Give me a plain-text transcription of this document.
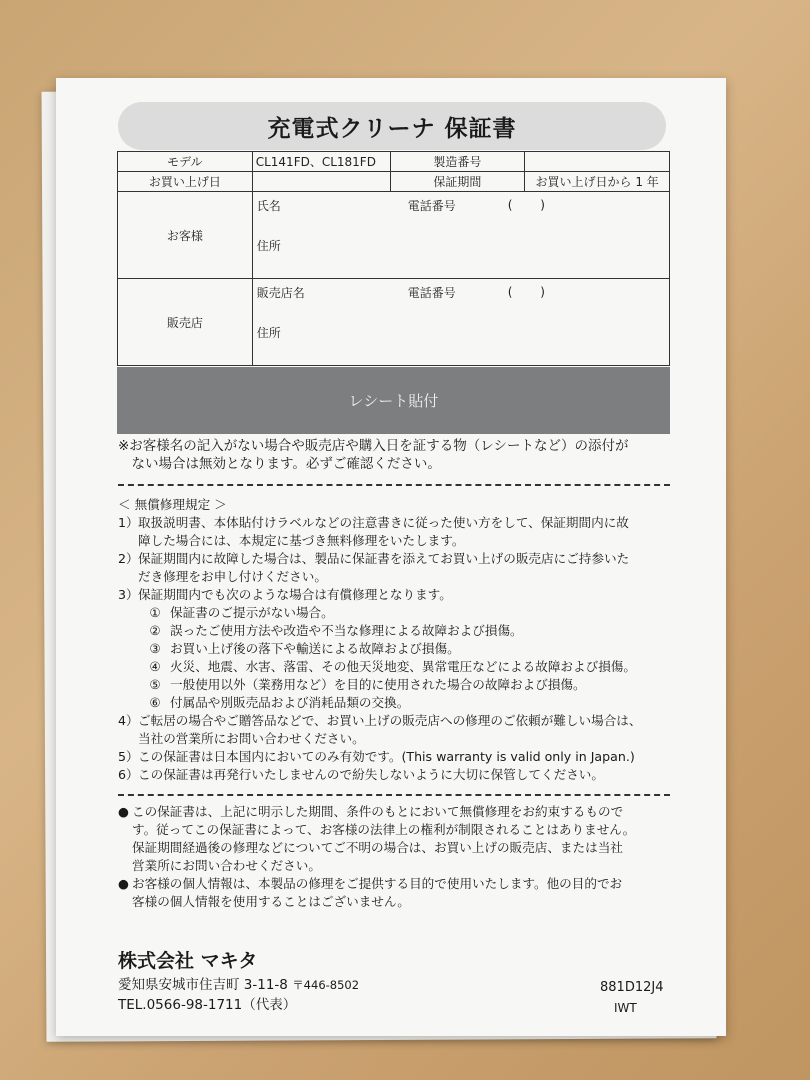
充電式クリーナ 保証書
モデル	CL141FD、CL181FD	製造番号	
お買い上げ日		保証期間	お買い上げ日から 1 年
お客様	氏名 電話番号 (　　 )
住所		

販売店	販売店名 電話番号 (　　 )
住所		
レシート貼付
※お客様名の記入がない場合や販売店や購入日を証する物（レシートなど）の添付が
　ない場合は無効となります。必ずご確認ください。
＜ 無償修理規定 ＞
1） 取扱説明書、本体貼付けラベルなどの注意書きに従った使い方をして、保証期間内に故
障した場合には、本規定に基づき無料修理をいたします。
2） 保証期間内に故障した場合は、製品に保証書を添えてお買い上げの販売店にご持参いた
だき修理をお申し付けください。
3） 保証期間内でも次のような場合は有償修理となります。
① 保証書のご提示がない場合。
② 誤ったご使用方法や改造や不当な修理による故障および損傷。
③ お買い上げ後の落下や輸送による故障および損傷。
④ 火災、地震、水害、落雷、その他天災地変、異常電圧などによる故障および損傷。
⑤ 一般使用以外（業務用など）を目的に使用された場合の故障および損傷。
⑥ 付属品や別販売品および消耗品類の交換。
4） ご転居の場合やご贈答品などで、お買い上げの販売店への修理のご依頼が難しい場合は、
当社の営業所にお問い合わせください。
5） この保証書は日本国内においてのみ有効です。(This warranty is valid only in Japan.)
6） この保証書は再発行いたしませんので紛失しないように大切に保管してください。
● この保証書は、上記に明示した期間、条件のもとにおいて無償修理をお約束するもので
す。従ってこの保証書によって、お客様の法律上の権利が制限されることはありません。
保証期間経過後の修理などについてご不明の場合は、お買い上げの販売店、または当社
営業所にお問い合わせください。
● お客様の個人情報は、本製品の修理をご提供する目的で使用いたします。他の目的でお
客様の個人情報を使用することはございません。
株式会社 マキタ
愛知県安城市住吉町 3-11-8 〒446-8502
TEL.0566-98-1711（代表）
881D12J4
IWT
